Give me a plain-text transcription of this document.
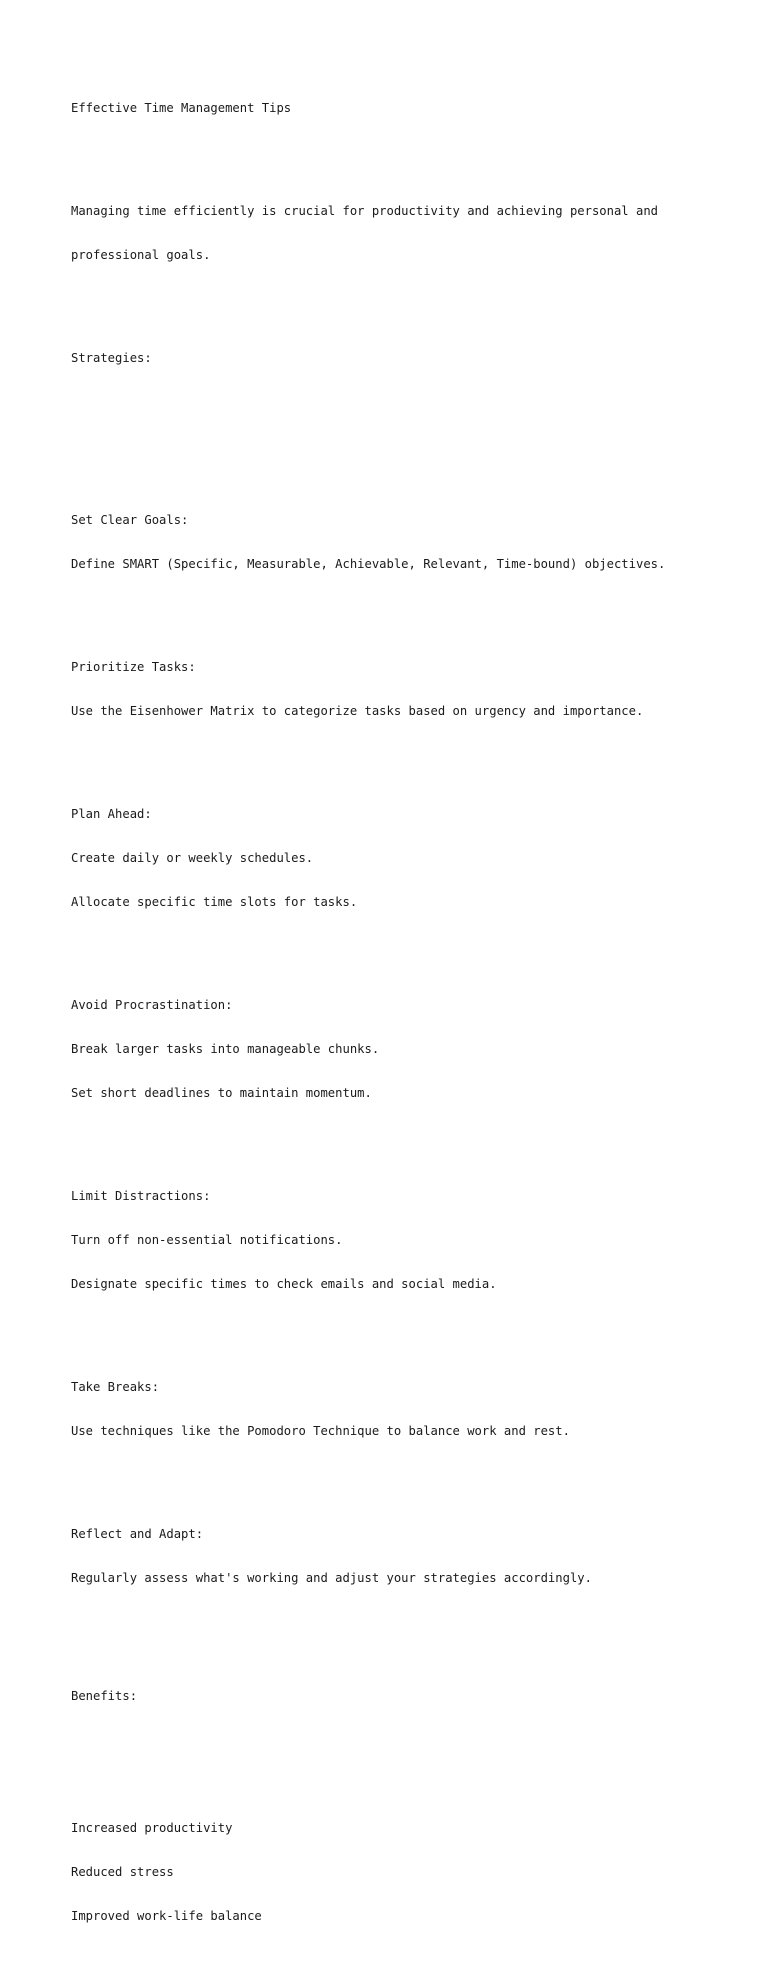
Effective Time Management Tips

Managing time efficiently is crucial for productivity and achieving personal and

professional goals.

Strategies:

Set Clear Goals:

Define SMART (Specific, Measurable, Achievable, Relevant, Time-bound) objectives.

Prioritize Tasks:

Use the Eisenhower Matrix to categorize tasks based on urgency and importance.

Plan Ahead:

Create daily or weekly schedules.

Allocate specific time slots for tasks.

Avoid Procrastination:

Break larger tasks into manageable chunks.

Set short deadlines to maintain momentum.

Limit Distractions:

Turn off non-essential notifications.

Designate specific times to check emails and social media.

Take Breaks:

Use techniques like the Pomodoro Technique to balance work and rest.

Reflect and Adapt:

Regularly assess what's working and adjust your strategies accordingly.

Benefits:

Increased productivity

Reduced stress

Improved work-life balance
